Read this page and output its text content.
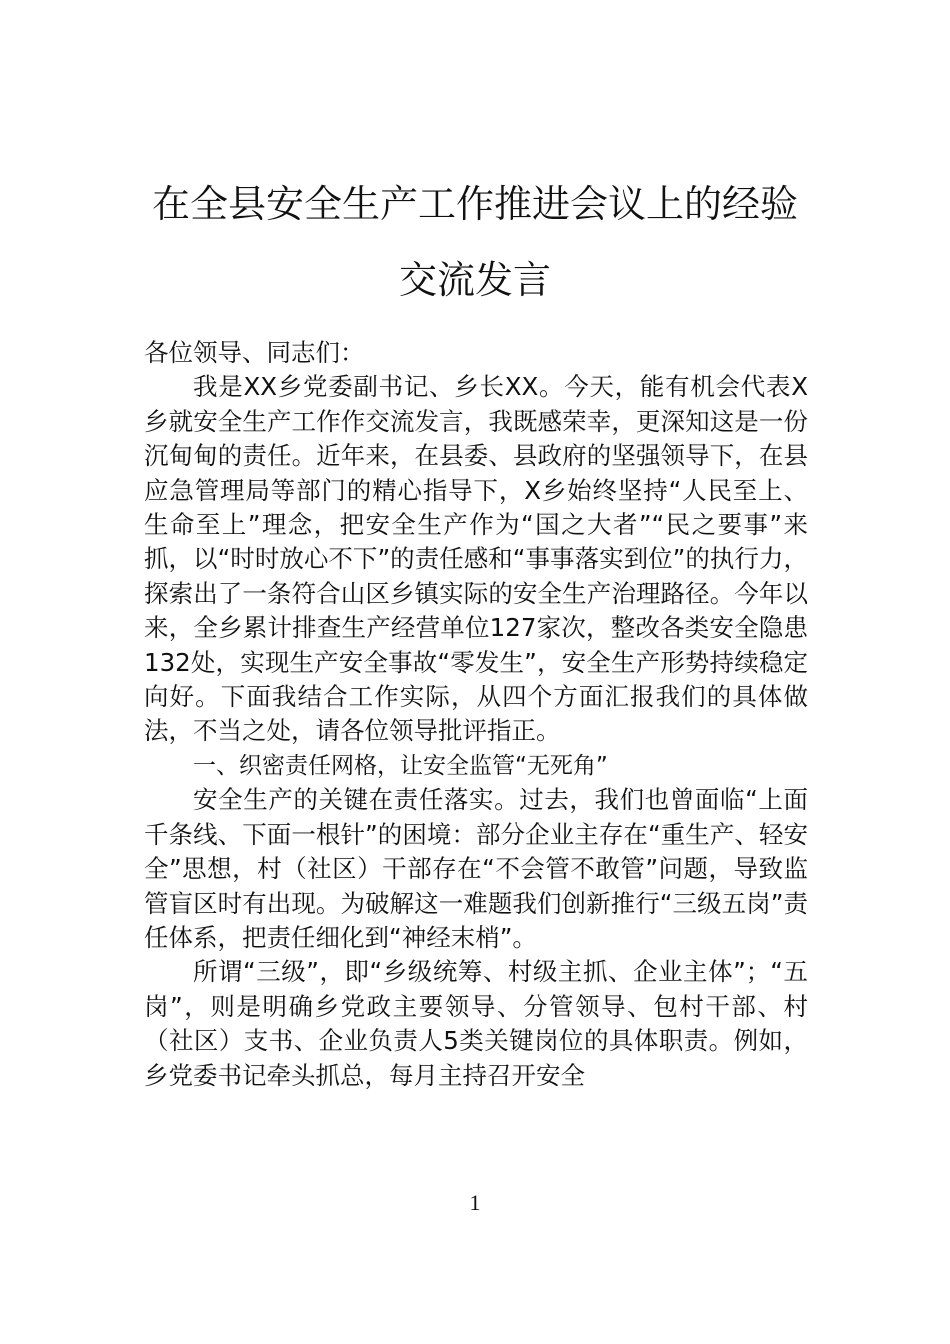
在全县安全生产工作推进会议上的经验交流发言

各位领导、同志们：

我是XX乡党委副书记、乡长XX。今天，能有机会代表X乡就安全生产工作作交流发言，我既感荣幸，更深知这是一份沉甸甸的责任。近年来，在县委、县政府的坚强领导下，在县应急管理局等部门的精心指导下，X乡始终坚持“人民至上、生命至上”理念，把安全生产作为“国之大者”“民之要事”来抓，以“时时放心不下”的责任感和“事事落实到位”的执行力，探索出了一条符合山区乡镇实际的安全生产治理路径。今年以来，全乡累计排查生产经营单位127家次，整改各类安全隐患132处，实现生产安全事故“零发生”，安全生产形势持续稳定向好。下面我结合工作实际，从四个方面汇报我们的具体做法，不当之处，请各位领导批评指正。

一、织密责任网格，让安全监管“无死角”

安全生产的关键在责任落实。过去，我们也曾面临“上面千条线、下面一根针”的困境：部分企业主存在“重生产、轻安全”思想，村（社区）干部存在“不会管不敢管”问题，导致监管盲区时有出现。为破解这一难题我们创新推行“三级五岗”责任体系，把责任细化到“神经末梢”。

所谓“三级”，即“乡级统筹、村级主抓、企业主体”；“五岗”，则是明确乡党政主要领导、分管领导、包村干部、村（社区）支书、企业负责人5类关键岗位的具体职责。例如，乡党委书记牵头抓总，每月主持召开安全

1
